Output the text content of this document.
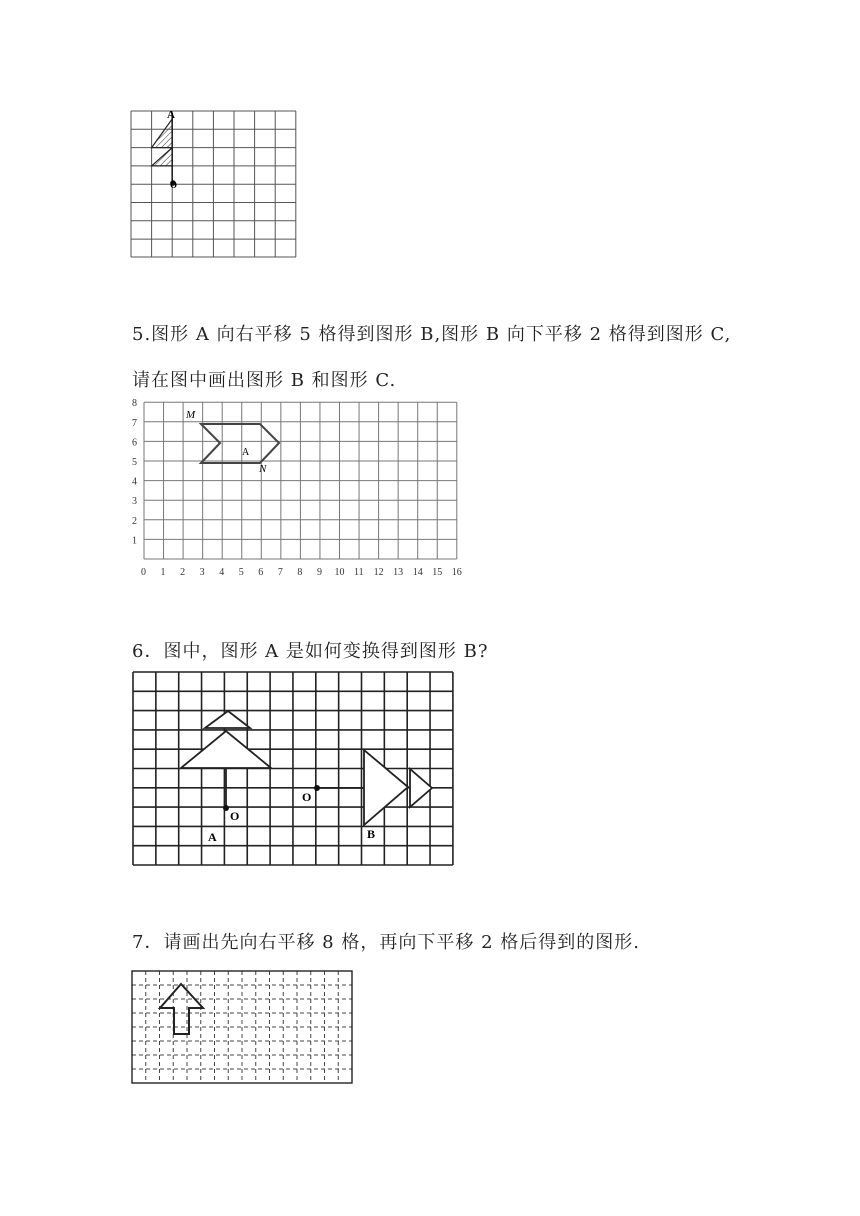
A
O
5.图形 A 向右平移 5 格得到图形 B,图形 B 向下平移 2 格得到图形 C,
请在图中画出图形 B 和图形 C.
0 1 2 3 4 5 6 7 8 9 10 11 12 13 14 15 16
1
2
3
4
5
6
7
8
M
N
A
6．图中，图形 A 是如何变换得到图形 B?
O
A
O
B
7．请画出先向右平移 8 格，再向下平移 2 格后得到的图形.
